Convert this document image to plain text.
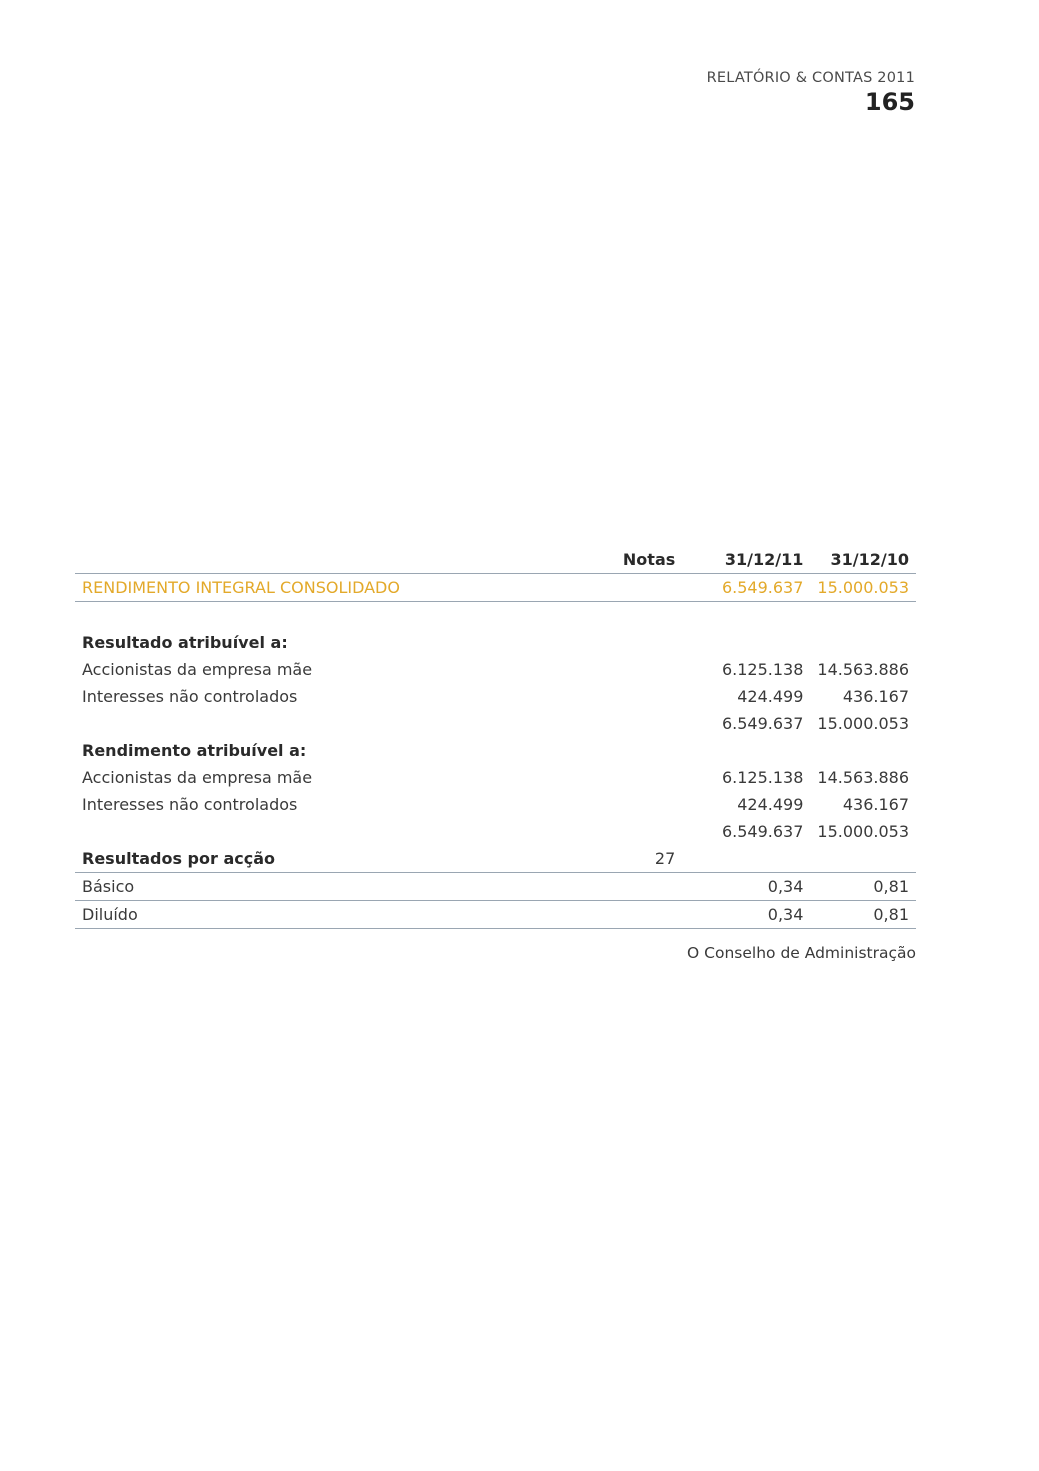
RELATÓRIO & CONTAS 2011
165
	Notas	31/12/11	31/12/10
RENDIMENTO INTEGRAL CONSOLIDADO		6.549.637	15.000.053

Resultado atribuível a:			
Accionistas da empresa mãe		6.125.138	14.563.886
Interesses não controlados		424.499	436.167
		6.549.637	15.000.053
Rendimento atribuível a:			
Accionistas da empresa mãe		6.125.138	14.563.886
Interesses não controlados		424.499	436.167
		6.549.637	15.000.053
Resultados por acção	27		
Básico		0,34	0,81
Diluído		0,34	0,81
O Conselho de Administração
